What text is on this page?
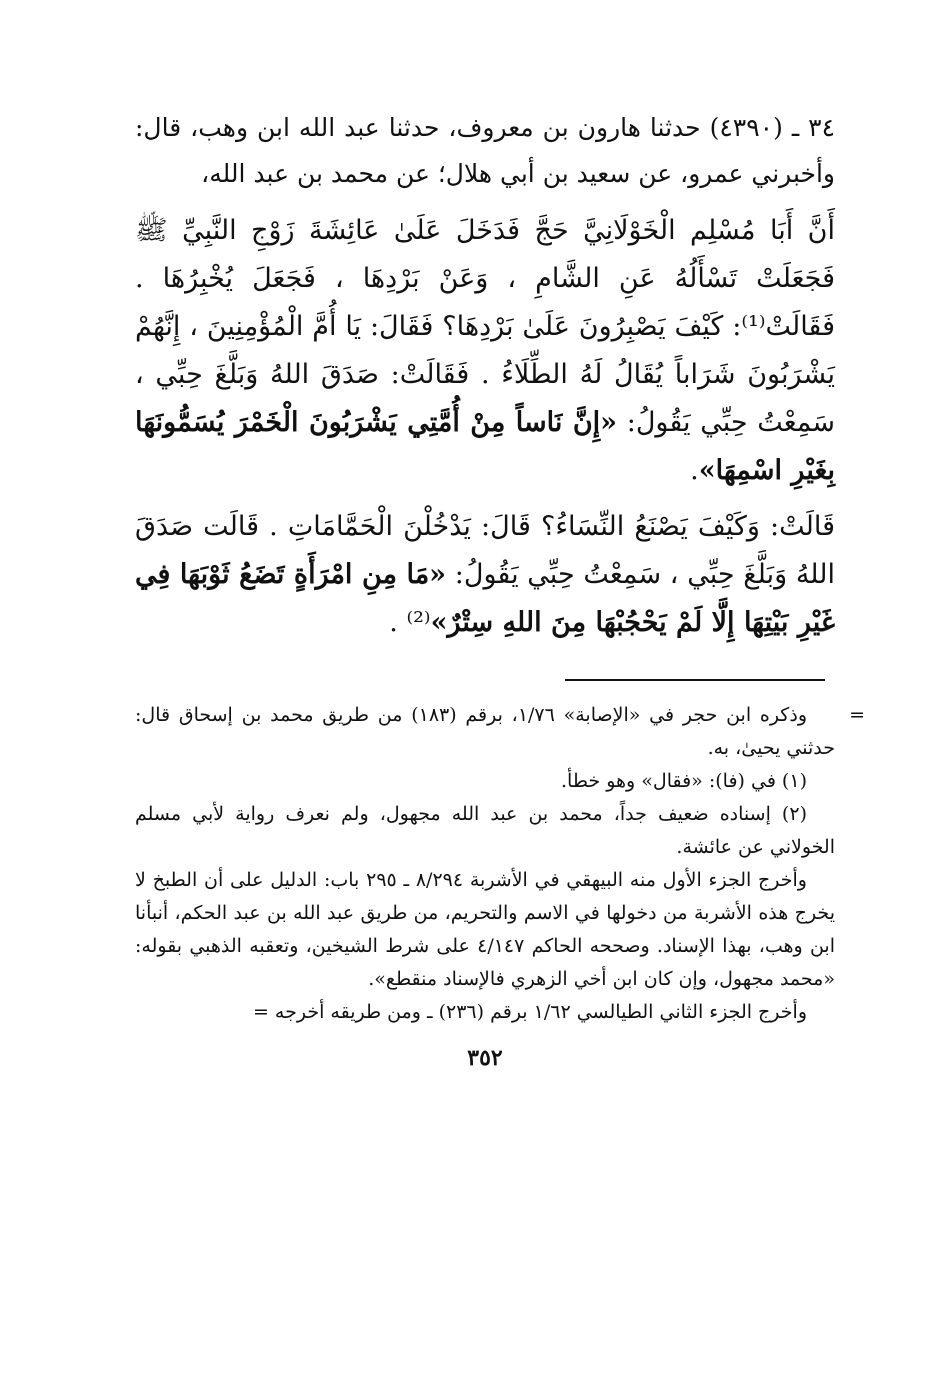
٣٤ ـ (٤٣٩٠) حدثنا هارون بن معروف، حدثنا عبد الله ابن وهب، قال: وأخبرني عمرو، عن سعيد بن أبي هلال؛ عن محمد بن عبد الله،

أَنَّ أَبَا مُسْلِم الْخَوْلَانِيَّ حَجَّ فَدَخَلَ عَلَىٰ عَائِشَةَ زَوْجِ النَّبِيِّ ﷺ فَجَعَلَتْ تَسْأَلُهُ عَنِ الشَّامِ ، وَعَنْ بَرْدِهَا ، فَجَعَلَ يُخْبِرُهَا . فَقَالَتْ⁽¹⁾: كَيْفَ يَصْبِرُونَ عَلَىٰ بَرْدِهَا؟ فَقَالَ: يَا أُمَّ الْمُؤْمِنِينَ ، إِنَّهُمْ يَشْرَبُونَ شَرَاباً يُقَالُ لَهُ الطِّلَاءُ . فَقَالَتْ: صَدَقَ اللهُ وَبَلَّغَ حِبِّي ، سَمِعْتُ حِبِّي يَقُولُ: «إِنَّ نَاساً مِنْ أُمَّتِي يَشْرَبُونَ الْخَمْرَ يُسَمُّونَهَا بِغَيْرِ اسْمِهَا».

قَالَتْ: وَكَيْفَ يَصْنَعُ النِّسَاءُ؟ قَالَ: يَدْخُلْنَ الْحَمَّامَاتِ . قَالَت صَدَقَ اللهُ وَبَلَّغَ حِبِّي ، سَمِعْتُ حِبِّي يَقُولُ: «مَا مِنِ امْرَأَةٍ تَضَعُ ثَوْبَهَا فِي غَيْرِ بَيْتِهَا إِلَّا لَمْ يَحْجُبْهَا مِنَ اللهِ سِتْرٌ»⁽²⁾ .

=

وذكره ابن حجر في «الإصابة» ١/٧٦، برقم (١٨٣) من طريق محمد بن إسحاق قال: حدثني يحيىٰ، به.

(١) في (فا): «فقال» وهو خطأ.

(٢) إسناده ضعيف جداً، محمد بن عبد الله مجهول، ولم نعرف رواية لأبي مسلم الخولاني عن عائشة.

وأخرج الجزء الأول منه البيهقي في الأشربة ٨/٢٩٤ ـ ٢٩٥ باب: الدليل على أن الطبخ لا يخرج هذه الأشربة من دخولها في الاسم والتحريم، من طريق عبد الله بن عبد الحكم، أنبأنا ابن وهب، بهذا الإسناد. وصححه الحاكم ٤/١٤٧ على شرط الشيخين، وتعقبه الذهبي بقوله: «محمد مجهول، وإن كان ابن أخي الزهري فالإسناد منقطع».

وأخرج الجزء الثاني الطيالسي ١/٦٢ برقم (٢٣٦) ـ ومن طريقه أخرجه =

٣٥٢
